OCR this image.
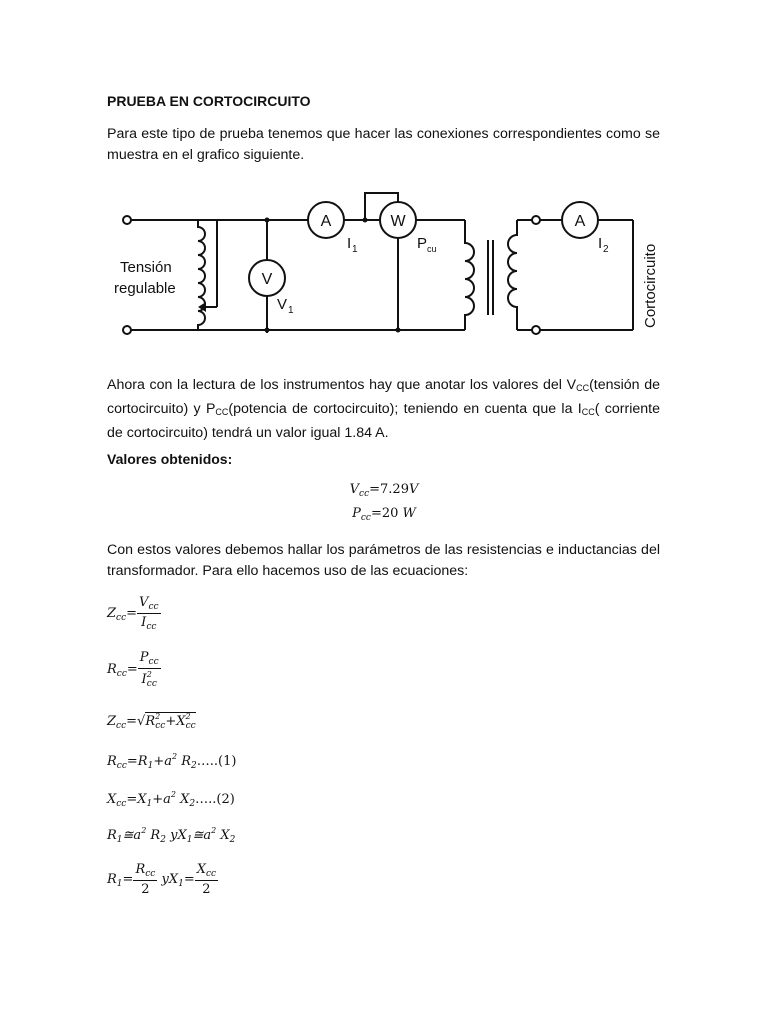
PRUEBA EN CORTOCIRCUITO
Para este tipo de prueba tenemos que hacer las conexiones correspondientes como se muestra en el grafico siguiente.
Tensión
regulable
V
A	W	A
V 1
I 1	P cu	I 2 Cortocircuito
Ahora con la lectura de los instrumentos hay que anotar los valores del $V_{CC}(tensión$ de cortocircuito) y $P_{CC}(potencia$ de cortocircuito); teniendo en cuenta que la $I_{CC}$( corriente de cortocircuito) tendrá un valor igual 1.84 A.
Valores obtenidos:
$V_{cc}=7.29V$
$P_{cc}=20$ W
Con estos valores debemos hallar los parámetros de las resistencias e inductancias del transformador. Para ello hacemos uso de las ecuaciones:
$Z_{cc}= \frac{V_{cc}}{I_{cc}}$
$R_{cc}= \frac{P_{cc}}{I^2_{cc}}$
$Z_{cc}=√R^2_{cc}+X^2_{cc}$
$R_{cc}=R_1+a^2$ $R_2\dots..(1)$
$X_{cc}=X_1+a^2$ $X_2\dots..(2)$
$R_1≅a^2$ $R_2$ $yX_1≅a^2$ $X_2$
$R_1= \frac{R_{cc}}{2} yX_1= \frac{X_{cc}}{2}$
